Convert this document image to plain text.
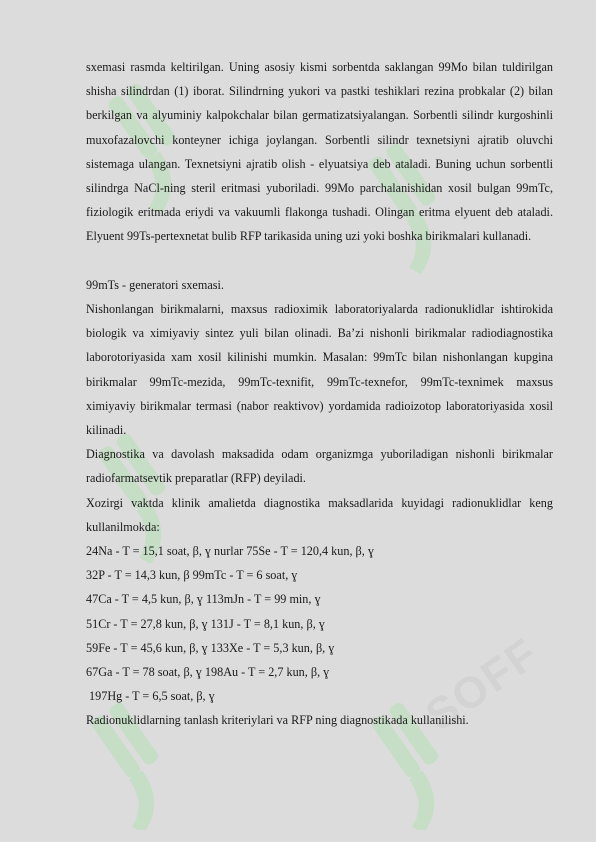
SOFF

sxemasi rasmda keltirilgan. Uning asosiy kismi sorbentda saklangan 99Mo bilan tuldirilgan shisha silindrdan (1) iborat. Silindrning yukori va pastki teshiklari rezina probkalar (2) bilan berkilgan va alyuminiy kalpokchalar bilan germatizatsiyalangan. Sorbentli silindr kurgoshinli muxofazalovchi konteyner ichiga joylangan. Sorbentli silindr texnetsiyni ajratib oluvchi sistemaga ulangan. Texnetsiyni ajratib olish - elyuatsiya deb ataladi. Buning uchun sorbentli silindrga NaCl-ning steril eritmasi yuboriladi. 99Mo parchalanishidan xosil bulgan 99mTc, fiziologik eritmada eriydi va vakuumli flakonga tushadi. Olingan eritma elyuent deb ataladi. Elyuent 99Ts-pertexnetat bulib RFP tarikasida uning uzi yoki boshka birikmalari kullanadi.

99mTs - generatori sxemasi.

Nishonlangan birikmalarni, maxsus radioximik laboratoriyalarda radionuklidlar ishtirokida biologik va ximiyaviy sintez yuli bilan olinadi. Ba’zi nishonli birikmalar radiodiagnostika laborotoriyasida xam xosil kilinishi mumkin. Masalan: 99mTc bilan nishonlangan kupgina birikmalar 99mTc-mezida, 99mTc-texnifit, 99mTc-texnefor, 99mTc-texnimek maxsus ximiyaviy birikmalar termasi (nabor reaktivov) yordamida radioizotop laboratoriyasida xosil kilinadi.

Diagnostika va davolash maksadida odam organizmga yuboriladigan nishonli birikmalar radiofarmatsevtik preparatlar (RFP) deyiladi.

Xozirgi vaktda klinik amalietda diagnostika maksadlarida kuyidagi radionuklidlar keng kullanilmokda:

24Na - T = 15,1 soat, β, ɣ nurlar 75Se - T = 120,4 kun, β, ɣ

32P - T = 14,3 kun, β 99mTc - T = 6 soat, ɣ

47Ca - T = 4,5 kun, β, ɣ 113mJn - T = 99 min, ɣ

51Cr - T = 27,8 kun, β, ɣ 131J - T = 8,1 kun, β, ɣ

59Fe - T = 45,6 kun, β, ɣ 133Xe - T = 5,3 kun, β, ɣ

67Ga - T = 78 soat, β, ɣ 198Au - T = 2,7 kun, β, ɣ

197Hg - T = 6,5 soat, β, ɣ

Radionuklidlarning tanlash kriteriylari va RFP ning diagnostikada kullanilishi.
